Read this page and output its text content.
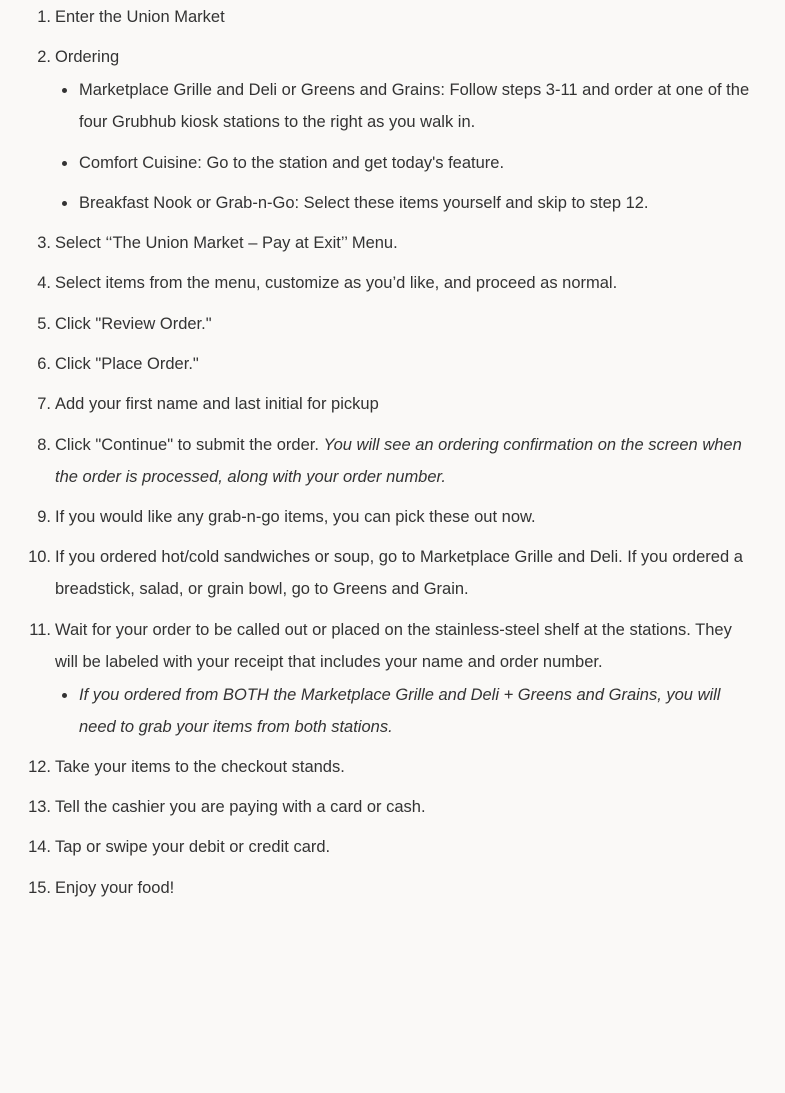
1. Enter the Union Market
2. Ordering
Marketplace Grille and Deli or Greens and Grains: Follow steps 3-11 and order at one of the four Grubhub kiosk stations to the right as you walk in.
Comfort Cuisine: Go to the station and get today's feature.
Breakfast Nook or Grab-n-Go: Select these items yourself and skip to step 12.
3. Select ‘‘The Union Market – Pay at Exit’’ Menu.
4. Select items from the menu, customize as you’d like, and proceed as normal.
5. Click "Review Order."
6. Click "Place Order."
7. Add your first name and last initial for pickup
8. Click "Continue" to submit the order. You will see an ordering confirmation on the screen when the order is processed, along with your order number.
9. If you would like any grab-n-go items, you can pick these out now.
10. If you ordered hot/cold sandwiches or soup, go to Marketplace Grille and Deli. If you ordered a breadstick, salad, or grain bowl, go to Greens and Grain.
11. Wait for your order to be called out or placed on the stainless-steel shelf at the stations. They will be labeled with your receipt that includes your name and order number.
If you ordered from BOTH the Marketplace Grille and Deli + Greens and Grains, you will need to grab your items from both stations.
12. Take your items to the checkout stands.
13. Tell the cashier you are paying with a card or cash.
14. Tap or swipe your debit or credit card.
15. Enjoy your food!
